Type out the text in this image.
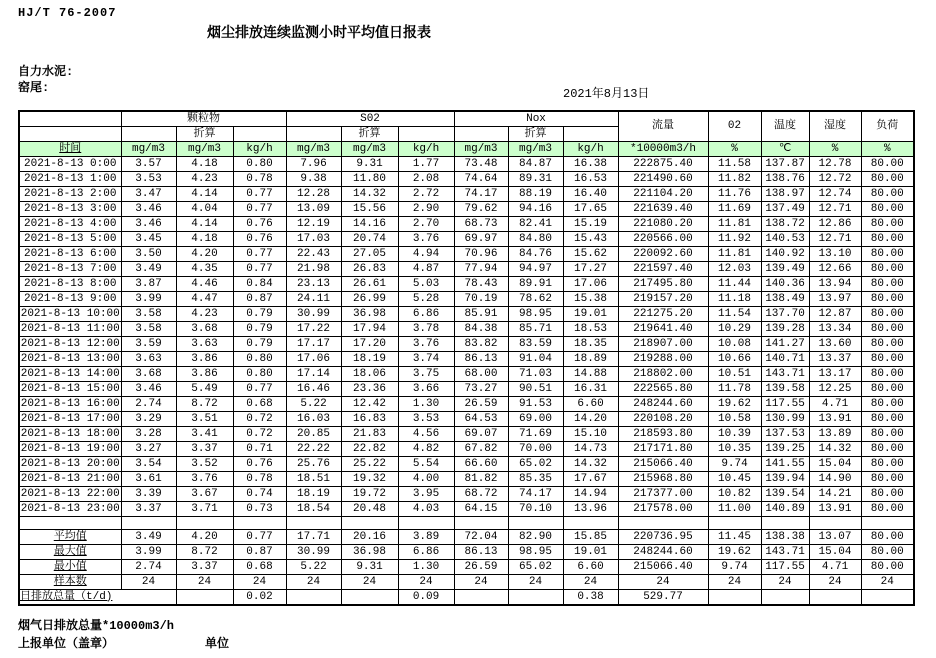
HJ/T 76-2007
烟尘排放连续监测小时平均值日报表
自力水泥:
窑尾:	2021年8月13日
	颗粒物			S02			Nox			流量	02	温度	湿度	负荷
		折算			折算			折算						
时间	mg/m3	mg/m3	kg/h	mg/m3	mg/m3	kg/h	mg/m3	mg/m3	kg/h	*10000m3/h	%	℃	%	%
2021-8-13 0:00	3.57	4.18	0.80	7.96	9.31	1.77	73.48	84.87	16.38	222875.40	11.58	137.87	12.78	80.00
2021-8-13 1:00	3.53	4.23	0.78	9.38	11.80	2.08	74.64	89.31	16.53	221490.60	11.82	138.76	12.72	80.00
2021-8-13 2:00	3.47	4.14	0.77	12.28	14.32	2.72	74.17	88.19	16.40	221104.20	11.76	138.97	12.74	80.00
2021-8-13 3:00	3.46	4.04	0.77	13.09	15.56	2.90	79.62	94.16	17.65	221639.40	11.69	137.49	12.71	80.00
2021-8-13 4:00	3.46	4.14	0.76	12.19	14.16	2.70	68.73	82.41	15.19	221080.20	11.81	138.72	12.86	80.00
2021-8-13 5:00	3.45	4.18	0.76	17.03	20.74	3.76	69.97	84.80	15.43	220566.00	11.92	140.53	12.71	80.00
2021-8-13 6:00	3.50	4.20	0.77	22.43	27.05	4.94	70.96	84.76	15.62	220092.60	11.81	140.92	13.10	80.00
2021-8-13 7:00	3.49	4.35	0.77	21.98	26.83	4.87	77.94	94.97	17.27	221597.40	12.03	139.49	12.66	80.00
2021-8-13 8:00	3.87	4.46	0.84	23.13	26.61	5.03	78.43	89.91	17.06	217495.80	11.44	140.36	13.94	80.00
2021-8-13 9:00	3.99	4.47	0.87	24.11	26.99	5.28	70.19	78.62	15.38	219157.20	11.18	138.49	13.97	80.00
2021-8-13 10:00	3.58	4.23	0.79	30.99	36.98	6.86	85.91	98.95	19.01	221275.20	11.54	137.70	12.87	80.00
2021-8-13 11:00	3.58	3.68	0.79	17.22	17.94	3.78	84.38	85.71	18.53	219641.40	10.29	139.28	13.34	80.00
2021-8-13 12:00	3.59	3.63	0.79	17.17	17.20	3.76	83.82	83.59	18.35	218907.00	10.08	141.27	13.60	80.00
2021-8-13 13:00	3.63	3.86	0.80	17.06	18.19	3.74	86.13	91.04	18.89	219288.00	10.66	140.71	13.37	80.00
2021-8-13 14:00	3.68	3.86	0.80	17.14	18.06	3.75	68.00	71.03	14.88	218802.00	10.51	143.71	13.17	80.00
2021-8-13 15:00	3.46	5.49	0.77	16.46	23.36	3.66	73.27	90.51	16.31	222565.80	11.78	139.58	12.25	80.00
2021-8-13 16:00	2.74	8.72	0.68	5.22	12.42	1.30	26.59	91.53	6.60	248244.60	19.62	117.55	4.71	80.00
2021-8-13 17:00	3.29	3.51	0.72	16.03	16.83	3.53	64.53	69.00	14.20	220108.20	10.58	130.99	13.91	80.00
2021-8-13 18:00	3.28	3.41	0.72	20.85	21.83	4.56	69.07	71.69	15.10	218593.80	10.39	137.53	13.89	80.00
2021-8-13 19:00	3.27	3.37	0.71	22.22	22.82	4.82	67.82	70.00	14.73	217171.80	10.35	139.25	14.32	80.00
2021-8-13 20:00	3.54	3.52	0.76	25.76	25.22	5.54	66.60	65.02	14.32	215066.40	9.74	141.55	15.04	80.00
2021-8-13 21:00	3.61	3.76	0.78	18.51	19.32	4.00	81.82	85.35	17.67	215968.80	10.45	139.94	14.90	80.00
2021-8-13 22:00	3.39	3.67	0.74	18.19	19.72	3.95	68.72	74.17	14.94	217377.00	10.82	139.54	14.21	80.00
2021-8-13 23:00	3.37	3.71	0.73	18.54	20.48	4.03	64.15	70.10	13.96	217578.00	11.00	140.89	13.91	80.00

平均值	3.49	4.20	0.77	17.71	20.16	3.89	72.04	82.90	15.85	220736.95	11.45	138.38	13.07	80.00
最大值	3.99	8.72	0.87	30.99	36.98	6.86	86.13	98.95	19.01	248244.60	19.62	143.71	15.04	80.00
最小值	2.74	3.37	0.68	5.22	9.31	1.30	26.59	65.02	6.60	215066.40	9.74	117.55	4.71	80.00
样本数	24	24	24	24	24	24	24	24	24	24	24	24	24	24
日排放总量（t/d)			0.02			0.09			0.38	529.77				
烟气日排放总量*10000m3/h
上报单位（盖章）	单位
